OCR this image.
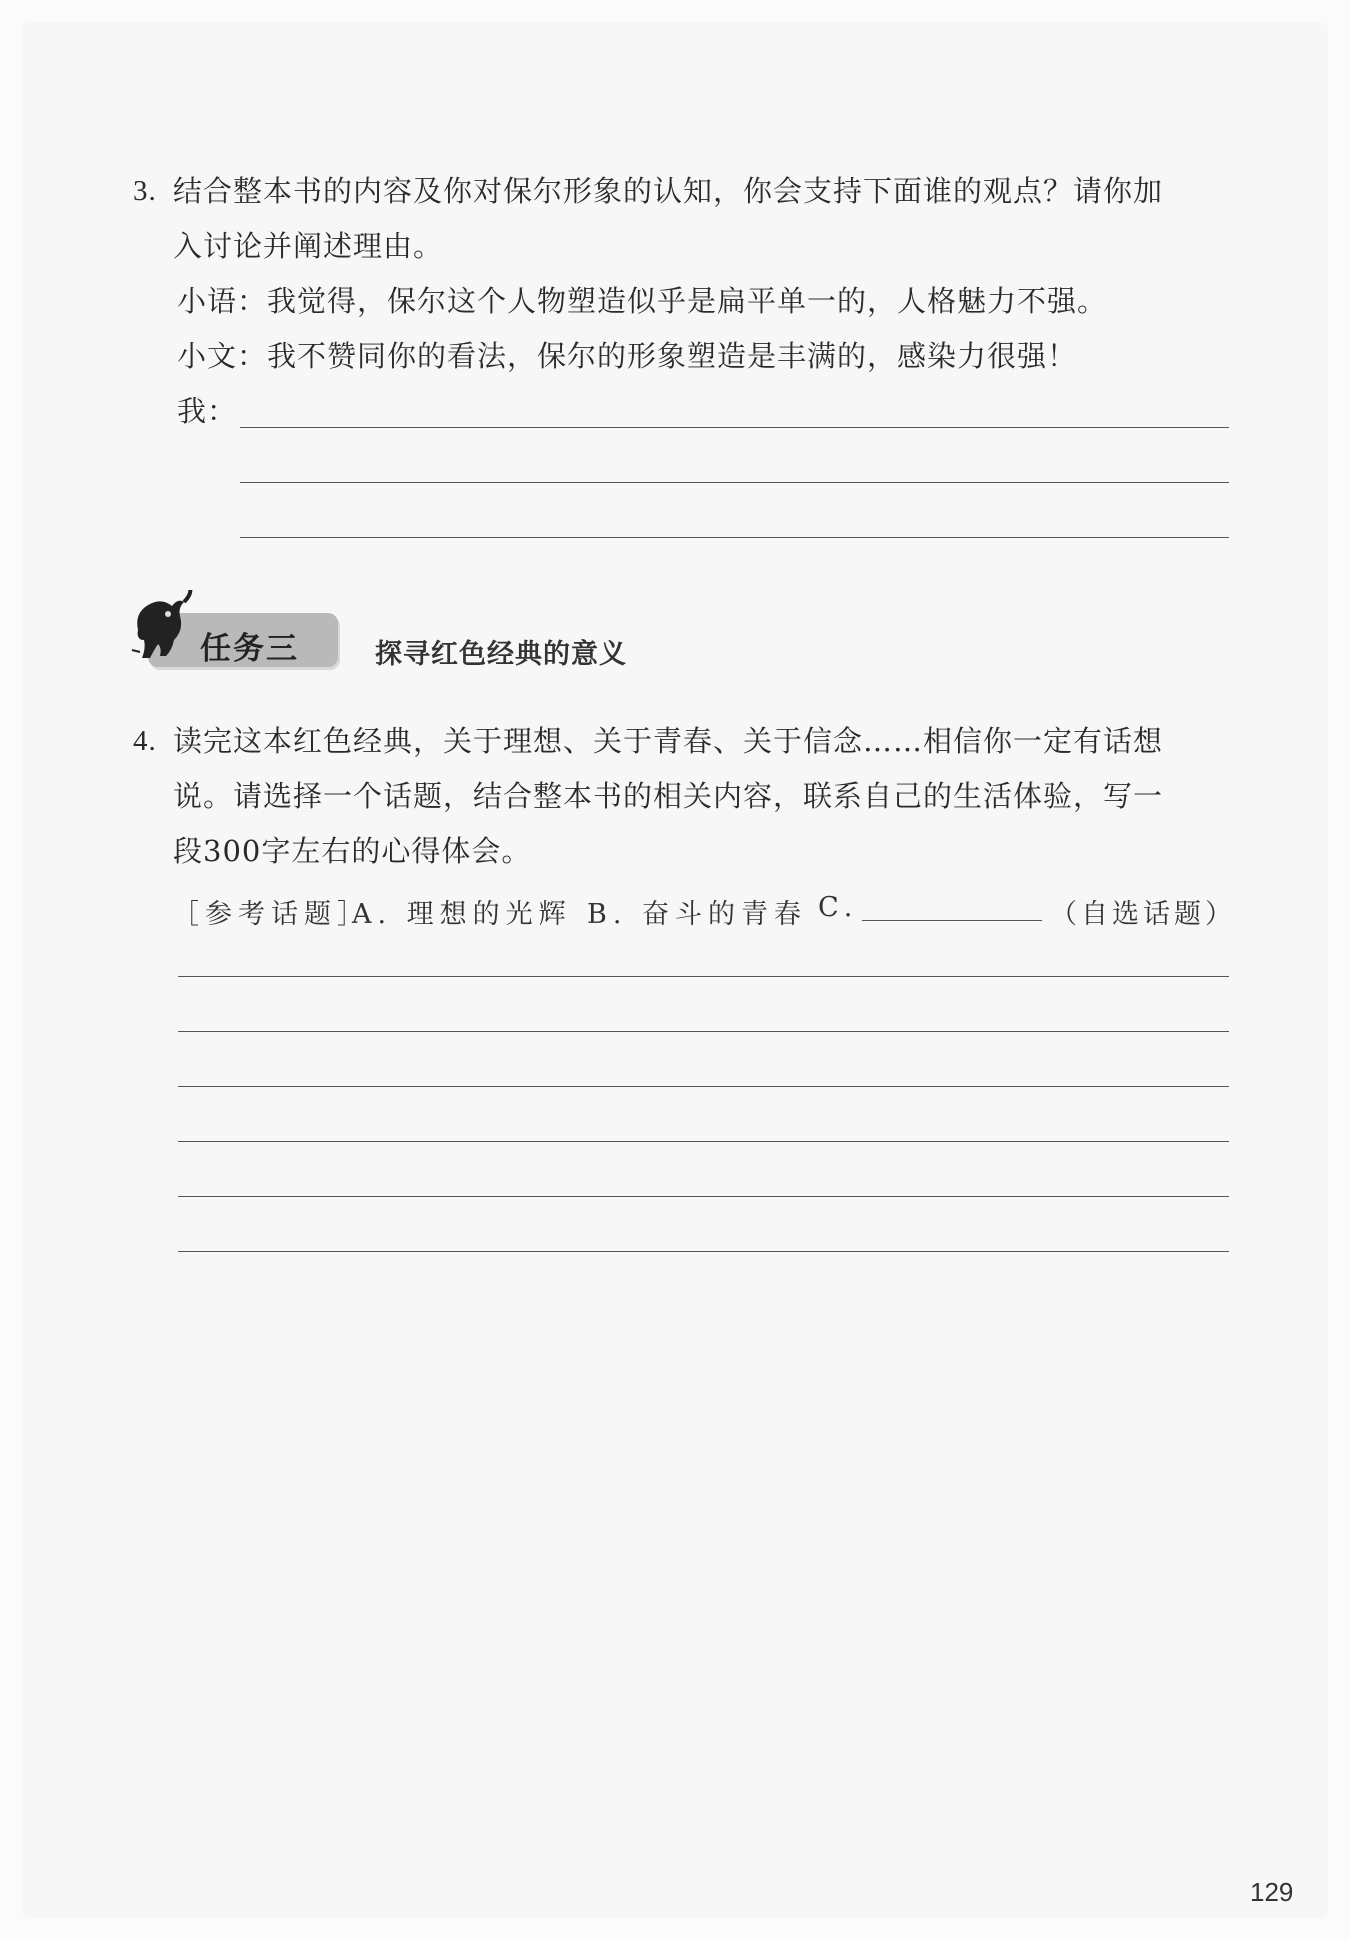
3. 结合整本书的内容及你对保尔形象的认知，你会支持下面谁的观点？请你加
入讨论并阐述理由。
小语：我觉得，保尔这个人物塑造似乎是扁平单一的，人格魅力不强。
小文：我不赞同你的看法，保尔的形象塑造是丰满的，感染力很强！
我：
任务三	探寻红色经典的意义
4. 读完这本红色经典，关于理想、关于青春、关于信念……相信你一定有话想
说。请选择一个话题，结合整本书的相关内容，联系自己的生活体验，写一
段300字左右的心得体会。
［参考话题］
A. 理想的光辉 B. 奋斗的青春 C.	（自选话题）
129
